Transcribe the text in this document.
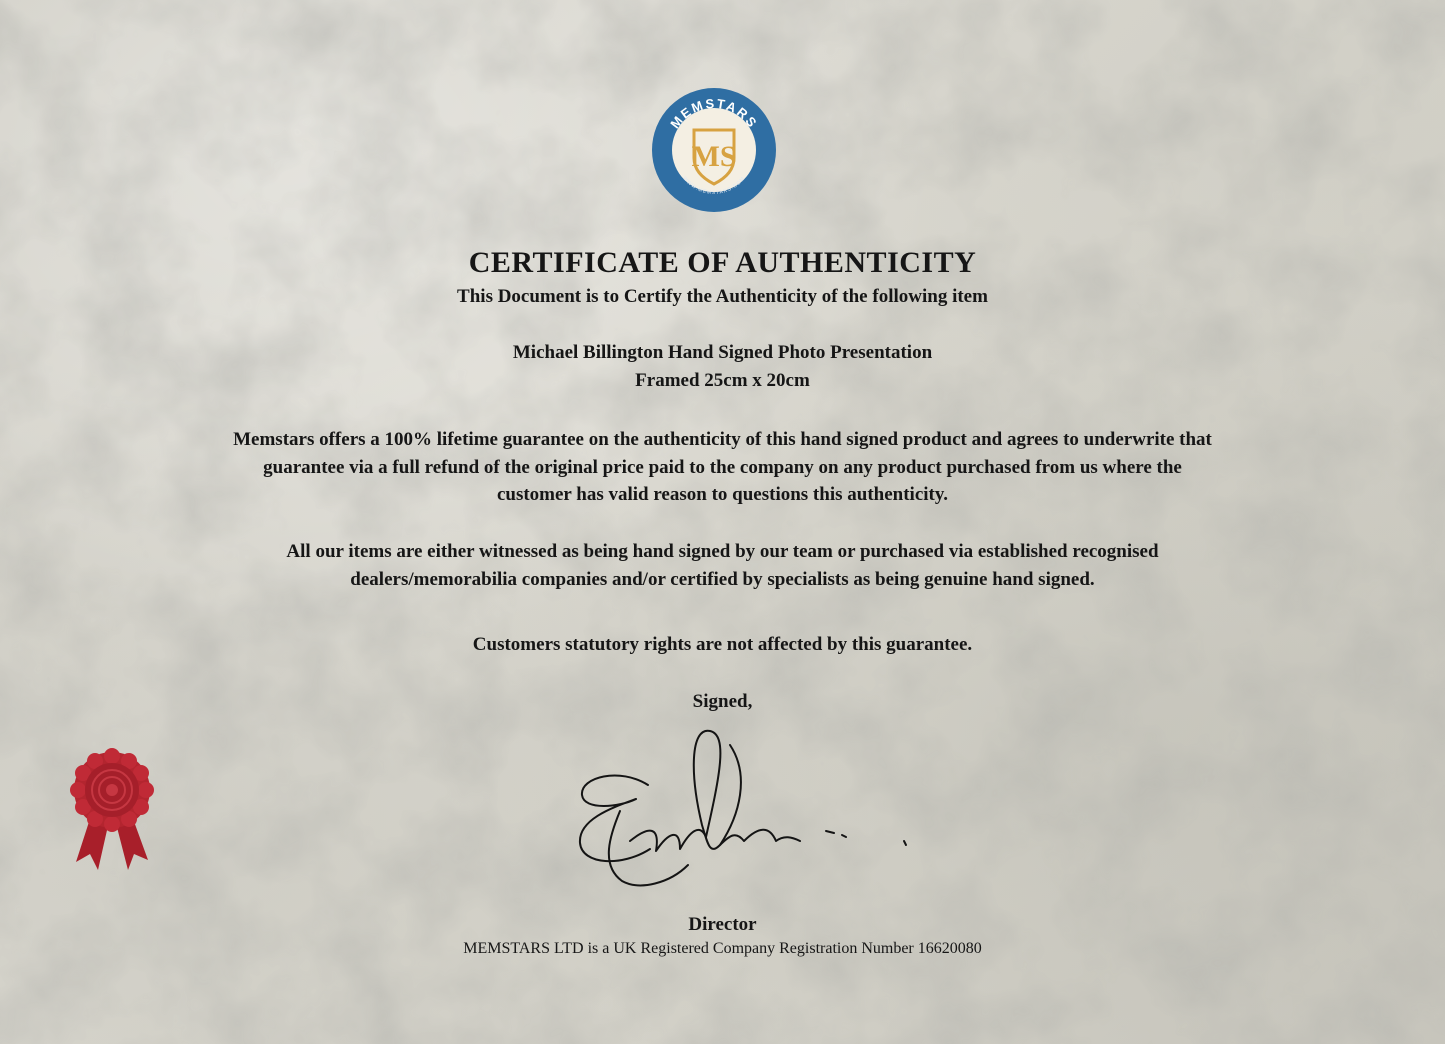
MEMSTARS
WWW.MEMSTARS.COM
MS
CERTIFICATE OF AUTHENTICITY
This Document is to Certify the Authenticity of the following item
Michael Billington Hand Signed Photo Presentation
Framed 25cm x 20cm
Memstars offers a 100% lifetime guarantee on the authenticity of this hand signed product and agrees to underwrite that
guarantee via a full refund of the original price paid to the company on any product purchased from us where the
customer has valid reason to questions this authenticity.
All our items are either witnessed as being hand signed by our team or purchased via established recognised
dealers/memorabilia companies and/or certified by specialists as being genuine hand signed.
Customers statutory rights are not affected by this guarantee.
Signed,
Director
MEMSTARS LTD is a UK Registered Company Registration Number 16620080
